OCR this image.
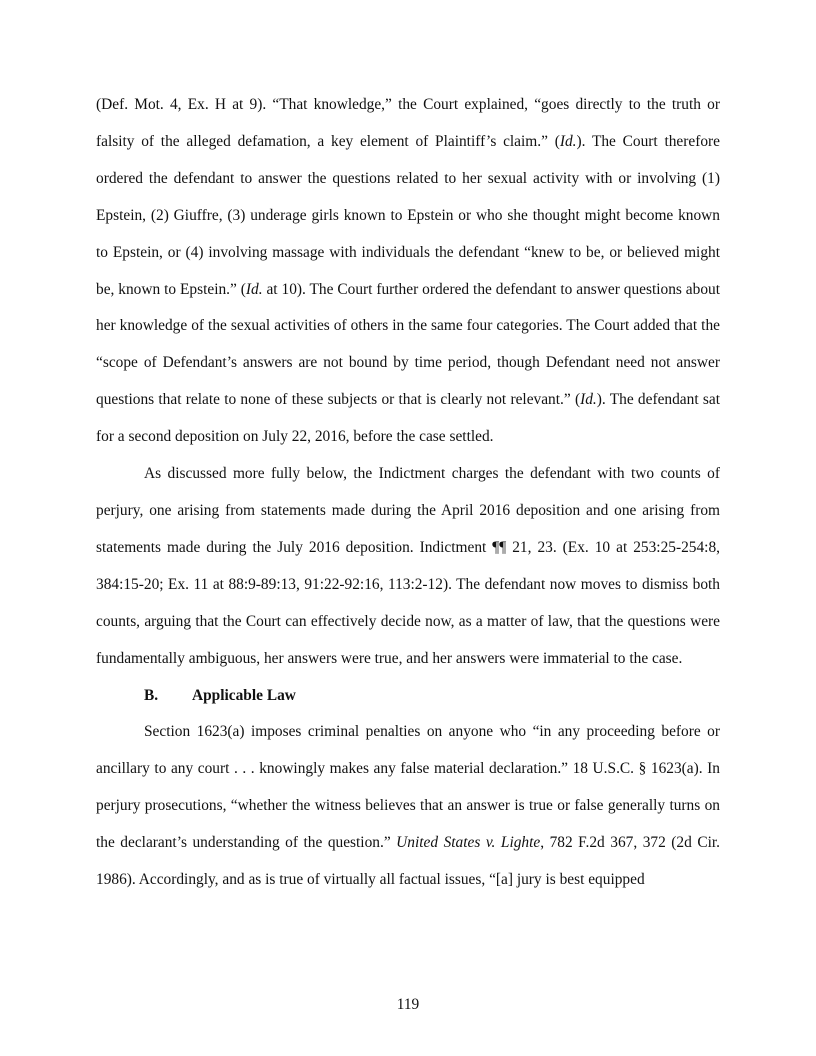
(Def. Mot. 4, Ex. H at 9). “That knowledge,” the Court explained, “goes directly to the truth or falsity of the alleged defamation, a key element of Plaintiff’s claim.” (Id.). The Court therefore ordered the defendant to answer the questions related to her sexual activity with or involving (1) Epstein, (2) Giuffre, (3) underage girls known to Epstein or who she thought might become known to Epstein, or (4) involving massage with individuals the defendant “knew to be, or believed might be, known to Epstein.” (Id. at 10). The Court further ordered the defendant to answer questions about her knowledge of the sexual activities of others in the same four categories. The Court added that the “scope of Defendant’s answers are not bound by time period, though Defendant need not answer questions that relate to none of these subjects or that is clearly not relevant.” (Id.). The defendant sat for a second deposition on July 22, 2016, before the case settled.

As discussed more fully below, the Indictment charges the defendant with two counts of perjury, one arising from statements made during the April 2016 deposition and one arising from statements made during the July 2016 deposition. Indictment ¶¶ 21, 23. (Ex. 10 at 253:25-254:8, 384:15-20; Ex. 11 at 88:9-89:13, 91:22-92:16, 113:2-12). The defendant now moves to dismiss both counts, arguing that the Court can effectively decide now, as a matter of law, that the questions were fundamentally ambiguous, her answers were true, and her answers were immaterial to the case.

B. Applicable Law

Section 1623(a) imposes criminal penalties on anyone who “in any proceeding before or ancillary to any court . . . knowingly makes any false material declaration.” 18 U.S.C. § 1623(a). In perjury prosecutions, “whether the witness believes that an answer is true or false generally turns on the declarant’s understanding of the question.” United States v. Lighte, 782 F.2d 367, 372 (2d Cir. 1986). Accordingly, and as is true of virtually all factual issues, “[a] jury is best equipped

119
